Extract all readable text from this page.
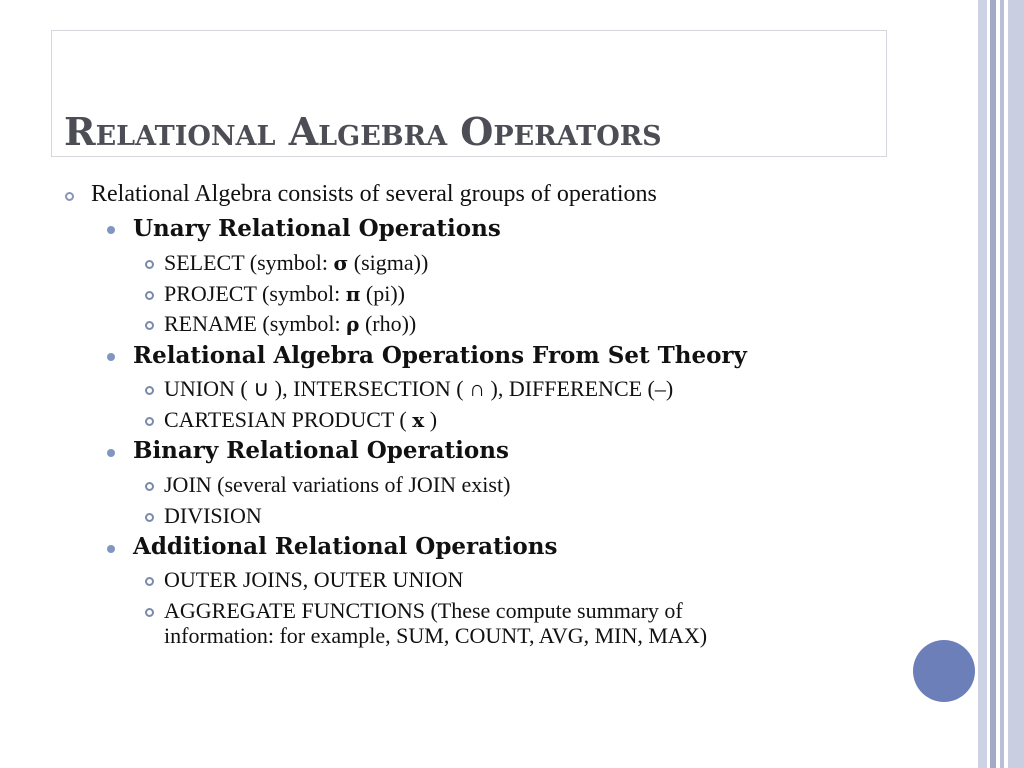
Relational Algebra Operators
Relational Algebra consists of several groups of operations
Unary Relational Operations
SELECT (symbol: σ (sigma))
PROJECT (symbol: π (pi))
RENAME (symbol: ρ (rho))
Relational Algebra Operations From Set Theory
UNION ( ∪ ), INTERSECTION ( ∩ ), DIFFERENCE (–)
CARTESIAN PRODUCT ( x )
Binary Relational Operations
JOIN (several variations of JOIN exist)
DIVISION
Additional Relational Operations
OUTER JOINS, OUTER UNION
AGGREGATE FUNCTIONS (These compute summary of
information: for example, SUM, COUNT, AVG, MIN, MAX)
